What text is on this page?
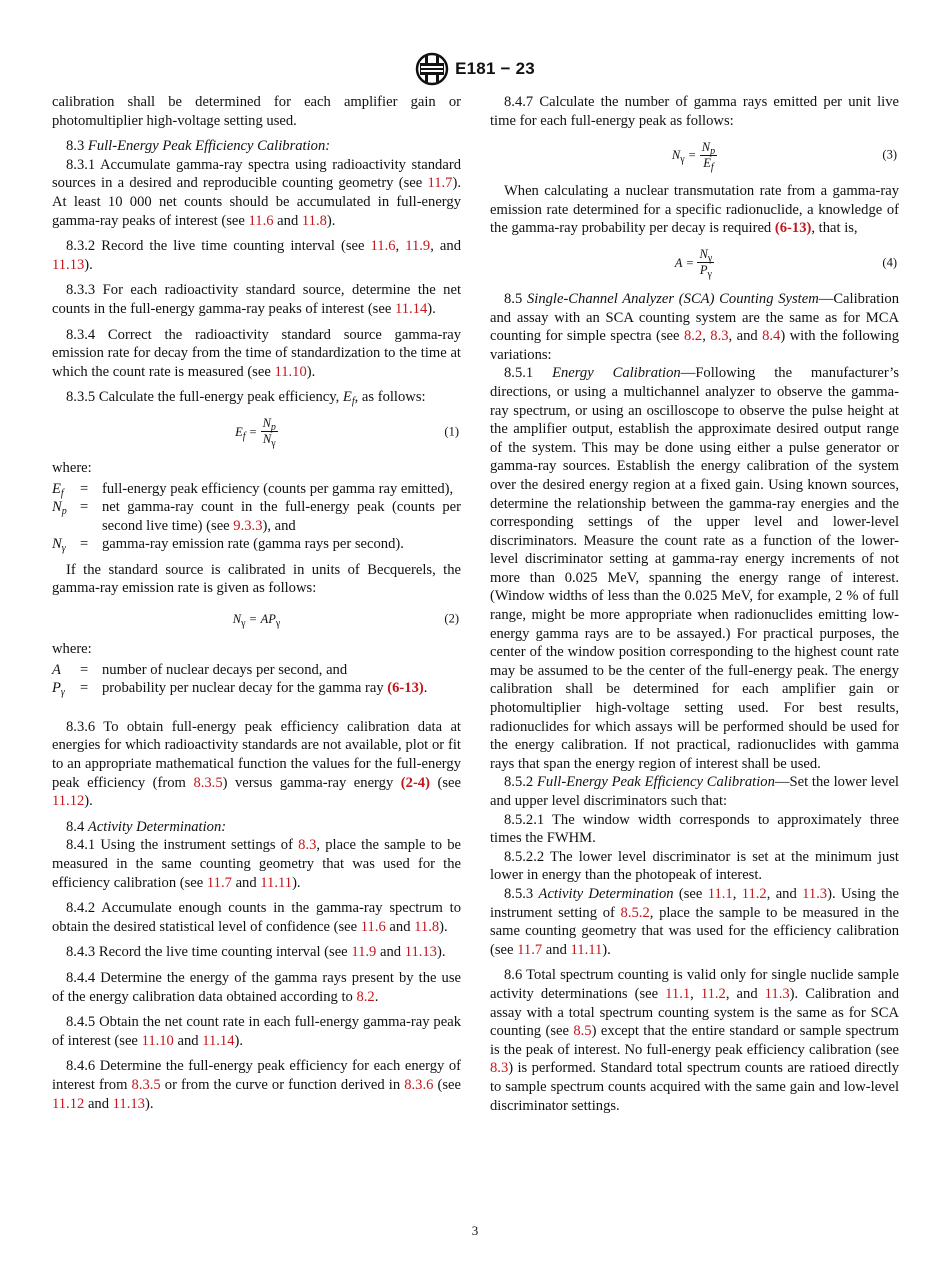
E181 − 23

calibration shall be determined for each amplifier gain or photomultiplier high-voltage setting used.

8.3 Full-Energy Peak Efficiency Calibration:

8.3.1 Accumulate gamma-ray spectra using radioactivity standard sources in a desired and reproducible counting geometry (see 11.7). At least 10 000 net counts should be accumulated in full-energy gamma-ray peaks of interest (see 11.6 and 11.8).

8.3.2 Record the live time counting interval (see 11.6, 11.9, and 11.13).

8.3.3 For each radioactivity standard source, determine the net counts in the full-energy gamma-ray peaks of interest (see 11.14).

8.3.4 Correct the radioactivity standard source gamma-ray emission rate for decay from the time of standardization to the time at which the count rate is measured (see 11.10).

8.3.5 Calculate the full-energy peak efficiency, $E_f$, as follows:

$E_f = \frac{N_p}{N_\gamma}$	(1)

where:

$E_f$	= full-energy peak efficiency (counts per gamma ray emitted),
$N_p$ = net gamma-ray count in the full-energy peak (counts per second live time) (see 9.3.3), and
$N_\gamma$ = gamma-ray emission rate (gamma rays per second).

If the standard source is calibrated in units of Becquerels, the gamma-ray emission rate is given as follows:

$N_\gamma = AP_\gamma$	(2)

where:

A	= number of nuclear decays per second, and
$P_\gamma$	= probability per nuclear decay for the gamma ray (6-13).

8.3.6 To obtain full-energy peak efficiency calibration data at energies for which radioactivity standards are not available, plot or fit to an appropriate mathematical function the values for the full-energy peak efficiency (from 8.3.5) versus gamma-ray energy (2-4) (see 11.12).

8.4 Activity Determination:

8.4.1 Using the instrument settings of 8.3, place the sample to be measured in the same counting geometry that was used for the efficiency calibration (see 11.7 and 11.11).

8.4.2 Accumulate enough counts in the gamma-ray spectrum to obtain the desired statistical level of confidence (see 11.6 and 11.8).

8.4.3 Record the live time counting interval (see 11.9 and 11.13).

8.4.4 Determine the energy of the gamma rays present by the use of the energy calibration data obtained according to 8.2.

8.4.5 Obtain the net count rate in each full-energy gamma-ray peak of interest (see 11.10 and 11.14).

8.4.6 Determine the full-energy peak efficiency for each energy of interest from 8.3.5 or from the curve or function derived in 8.3.6 (see 11.12 and 11.13).

8.4.7 Calculate the number of gamma rays emitted per unit live time for each full-energy peak as follows:

$N_\gamma = \frac{N_p}{E_f}$	(3)

When calculating a nuclear transmutation rate from a gamma-ray emission rate determined for a specific radionuclide, a knowledge of the gamma-ray probability per decay is required (6-13), that is,

$A = \frac{N_\gamma}{P_\gamma}$	(4)

8.5 Single-Channel Analyzer (SCA) Counting System—Calibration and assay with an SCA counting system are the same as for MCA counting for simple spectra (see 8.2, 8.3, and 8.4) with the following variations:

8.5.1 Energy Calibration—Following the manufacturer’s directions, or using a multichannel analyzer to observe the gamma-ray spectrum, or using an oscilloscope to observe the pulse height at the amplifier output, establish the approximate desired output range of the system. This may be done using either a pulse generator or gamma-ray sources. Establish the energy calibration of the system over the desired energy region at a fixed gain. Using known sources, determine the relationship between the gamma-ray energies and the corresponding settings of the upper level and lower-level discriminators. Measure the count rate as a function of the lower-level discriminator setting at gamma-ray energy increments of not more than 0.025 MeV, spanning the energy range of interest. (Window widths of less than the 0.025 MeV, for example, 2 % of full range, might be more appropriate when radionuclides emitting low-energy gamma rays are to be assayed.) For practical purposes, the center of the window position corresponding to the highest count rate may be assumed to be the center of the full-energy peak. The energy calibration shall be determined for each amplifier gain or photomultiplier high-voltage setting used. For best results, radionuclides for which assays will be performed should be used for the energy calibration. If not practical, radionuclides with gamma rays that span the energy region of interest shall be used.

8.5.2 Full-Energy Peak Efficiency Calibration—Set the lower level and upper level discriminators such that:

8.5.2.1 The window width corresponds to approximately three times the FWHM.

8.5.2.2 The lower level discriminator is set at the minimum just lower in energy than the photopeak of interest.

8.5.3 Activity Determination (see 11.1, 11.2, and 11.3). Using the instrument setting of 8.5.2, place the sample to be measured in the same counting geometry that was used for the efficiency calibration (see 11.7 and 11.11).

8.6 Total spectrum counting is valid only for single nuclide sample activity determinations (see 11.1, 11.2, and 11.3). Calibration and assay with a total spectrum counting system is the same as for SCA counting (see 8.5) except that the entire standard or sample spectrum is the peak of interest. No full-energy peak efficiency calibration (see 8.3) is performed. Standard total spectrum counts are ratioed directly to sample spectrum counts acquired with the same gain and low-level discriminator settings.

3
